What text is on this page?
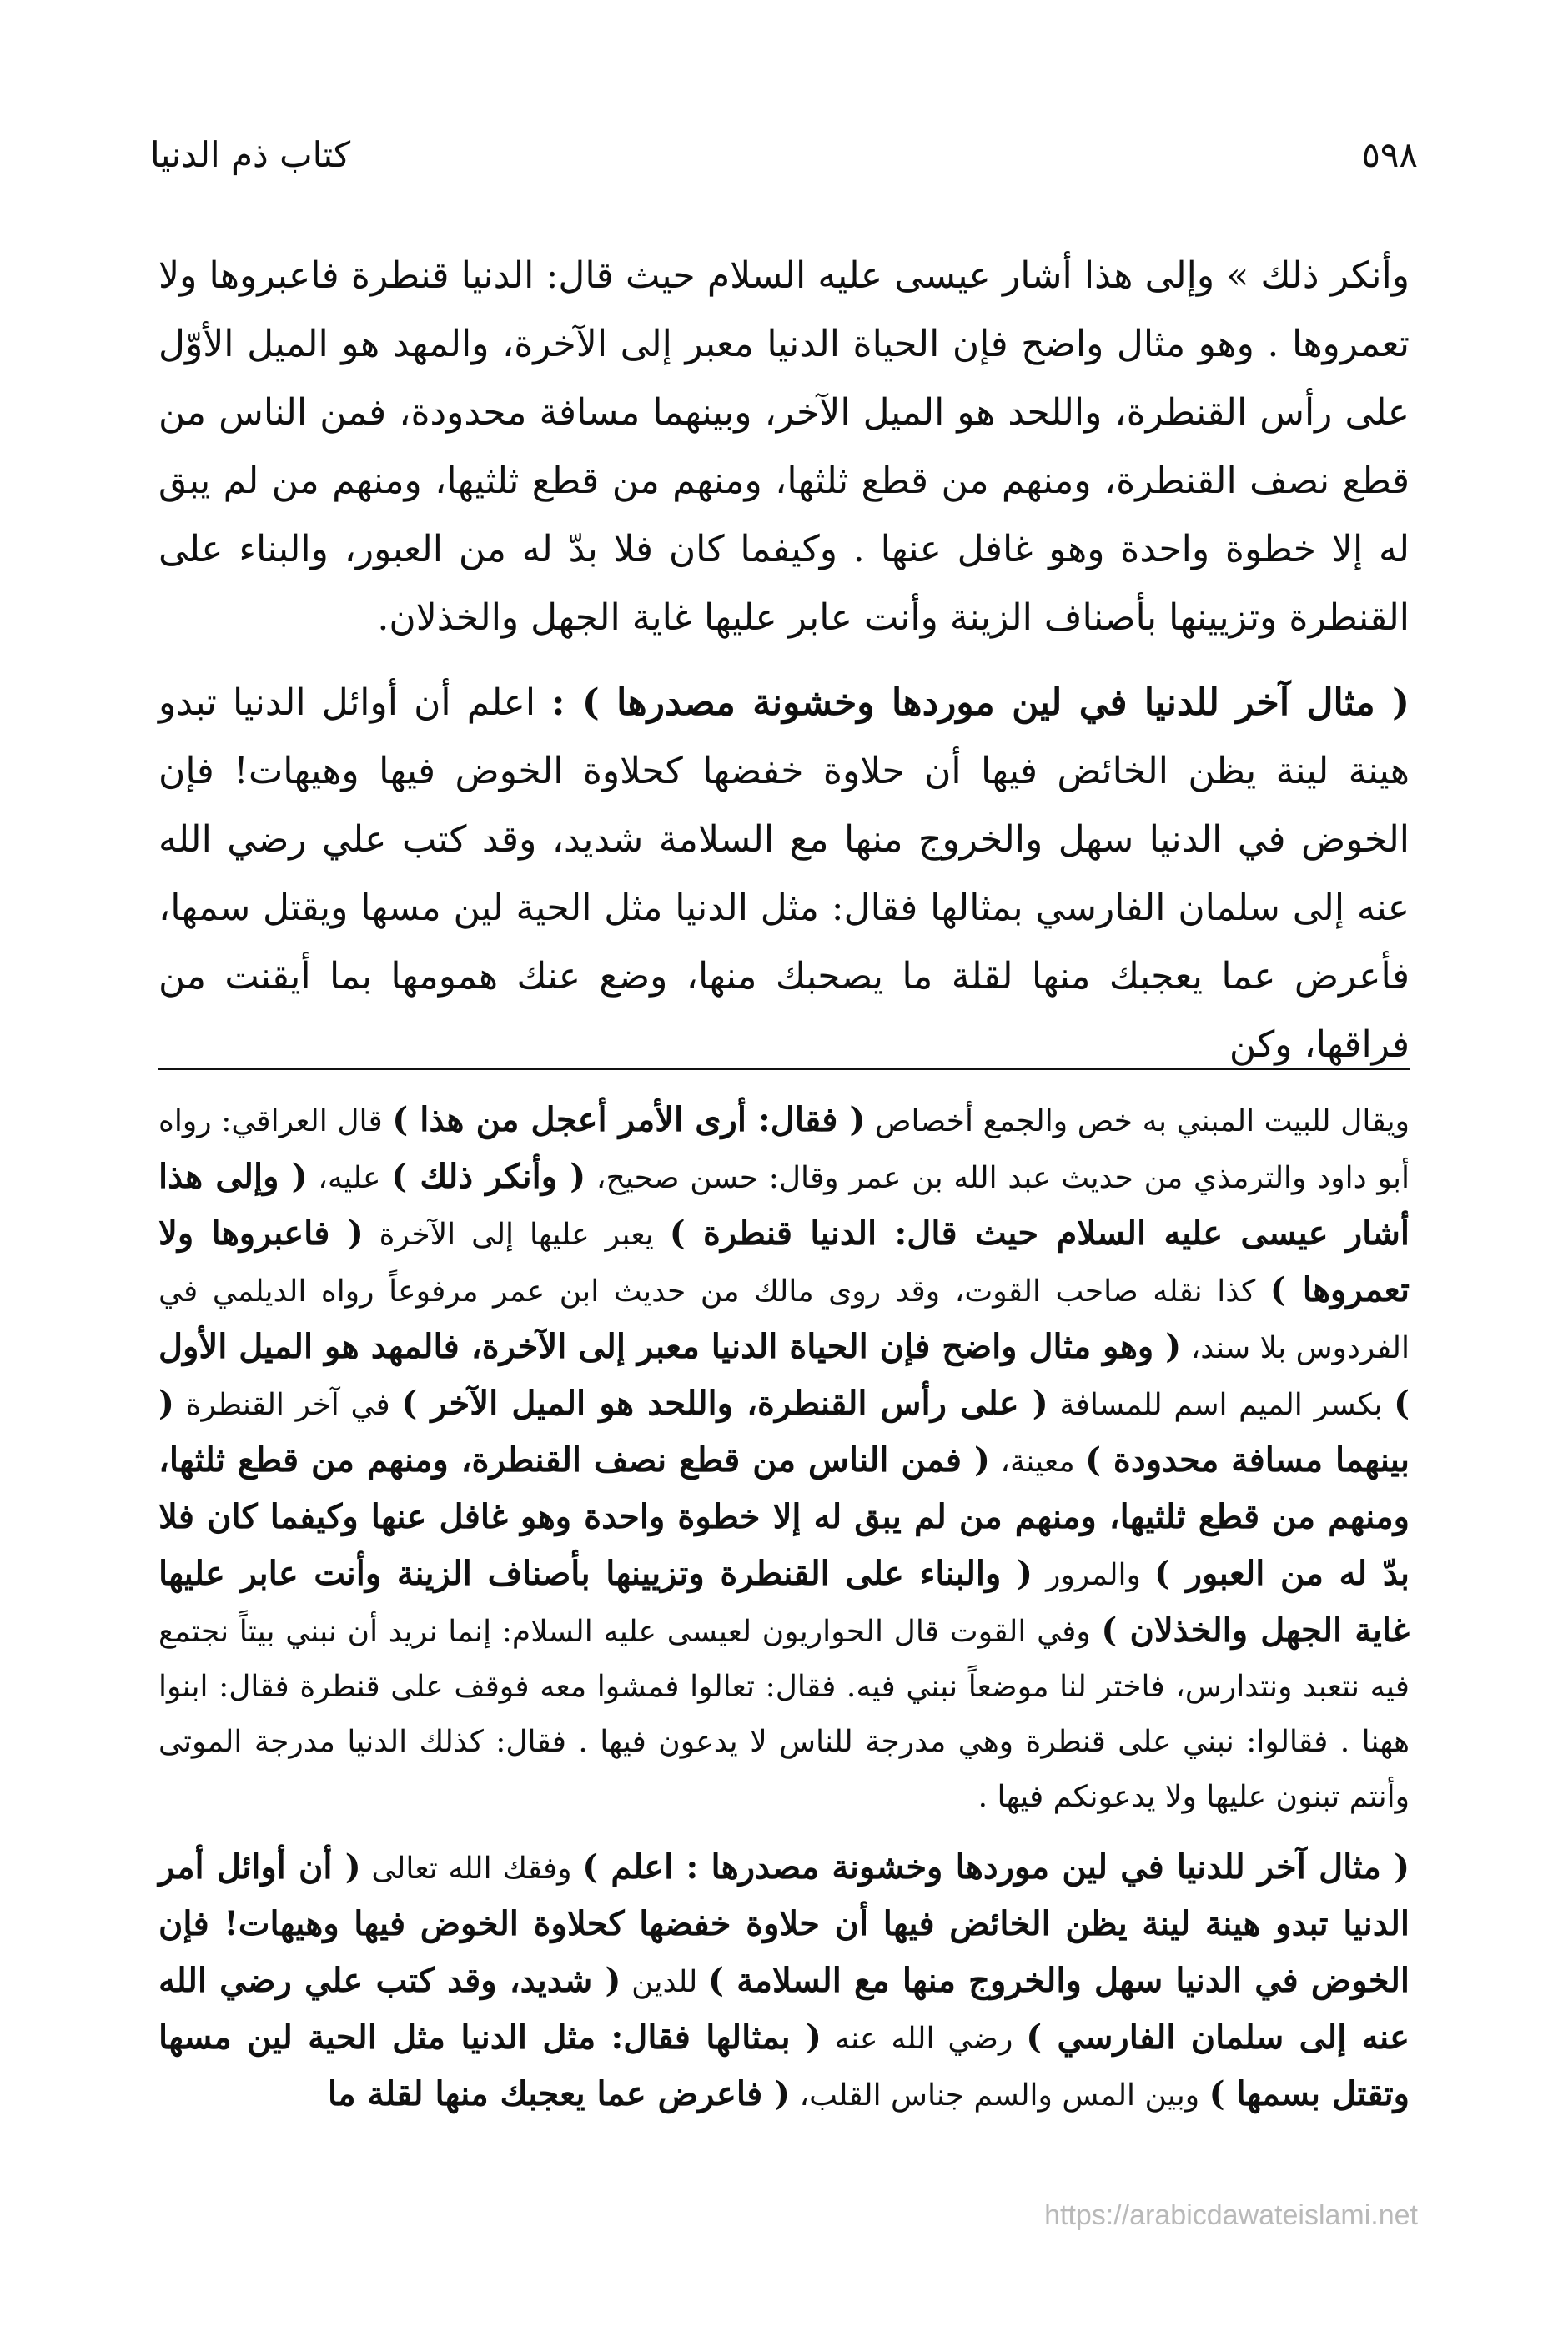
٥٩٨
كتاب ذم الدنيا

وأنكر ذلك » وإلى هذا أشار عيسى عليه السلام حيث قال: الدنيا قنطرة فاعبروها ولا تعمروها . وهو مثال واضح فإن الحياة الدنيا معبر إلى الآخرة، والمهد هو الميل الأوّل على رأس القنطرة، واللحد هو الميل الآخر، وبينهما مسافة محدودة، فمن الناس من قطع نصف القنطرة، ومنهم من قطع ثلثها، ومنهم من قطع ثلثيها، ومنهم من لم يبق له إلا خطوة واحدة وهو غافل عنها . وكيفما كان فلا بدّ له من العبور، والبناء على القنطرة وتزيينها بأصناف الزينة وأنت عابر عليها غاية الجهل والخذلان.

( مثال آخر للدنيا في لين موردها وخشونة مصدرها ) : اعلم أن أوائل الدنيا تبدو هينة لينة يظن الخائض فيها أن حلاوة خفضها كحلاوة الخوض فيها وهيهات! فإن الخوض في الدنيا سهل والخروج منها مع السلامة شديد، وقد كتب علي رضي الله عنه إلى سلمان الفارسي بمثالها فقال: مثل الدنيا مثل الحية لين مسها ويقتل سمها، فأعرض عما يعجبك منها لقلة ما يصحبك منها، وضع عنك همومها بما أيقنت من فراقها، وكن

ويقال للبيت المبني به خص والجمع أخصاص ( فقال: أرى الأمر أعجل من هذا ) قال العراقي: رواه أبو داود والترمذي من حديث عبد الله بن عمر وقال: حسن صحيح، ( وأنكر ذلك ) عليه، ( وإلى هذا أشار عيسى عليه السلام حيث قال: الدنيا قنطرة ) يعبر عليها إلى الآخرة ( فاعبروها ولا تعمروها ) كذا نقله صاحب القوت، وقد روى مالك من حديث ابن عمر مرفوعاً رواه الديلمي في الفردوس بلا سند، ( وهو مثال واضح فإن الحياة الدنيا معبر إلى الآخرة، فالمهد هو الميل الأول ) بكسر الميم اسم للمسافة ( على رأس القنطرة، واللحد هو الميل الآخر ) في آخر القنطرة ( بينهما مسافة محدودة ) معينة، ( فمن الناس من قطع نصف القنطرة، ومنهم من قطع ثلثها، ومنهم من قطع ثلثيها، ومنهم من لم يبق له إلا خطوة واحدة وهو غافل عنها وكيفما كان فلا بدّ له من العبور ) والمرور ( والبناء على القنطرة وتزيينها بأصناف الزينة وأنت عابر عليها غاية الجهل والخذلان ) وفي القوت قال الحواريون لعيسى عليه السلام: إنما نريد أن نبني بيتاً نجتمع فيه نتعبد ونتدارس، فاختر لنا موضعاً نبني فيه. فقال: تعالوا فمشوا معه فوقف على قنطرة فقال: ابنوا ههنا . فقالوا: نبني على قنطرة وهي مدرجة للناس لا يدعون فيها . فقال: كذلك الدنيا مدرجة الموتى وأنتم تبنون عليها ولا يدعونكم فيها .

( مثال آخر للدنيا في لين موردها وخشونة مصدرها : اعلم ) وفقك الله تعالى ( أن أوائل أمر الدنيا تبدو هينة لينة يظن الخائض فيها أن حلاوة خفضها كحلاوة الخوض فيها وهيهات! فإن الخوض في الدنيا سهل والخروج منها مع السلامة ) للدين ( شديد، وقد كتب علي رضي الله عنه إلى سلمان الفارسي ) رضي الله عنه ( بمثالها فقال: مثل الدنيا مثل الحية لين مسها وتقتل بسمها ) وبين المس والسم جناس القلب، ( فاعرض عما يعجبك منها لقلة ما

https://arabicdawateislami.net
